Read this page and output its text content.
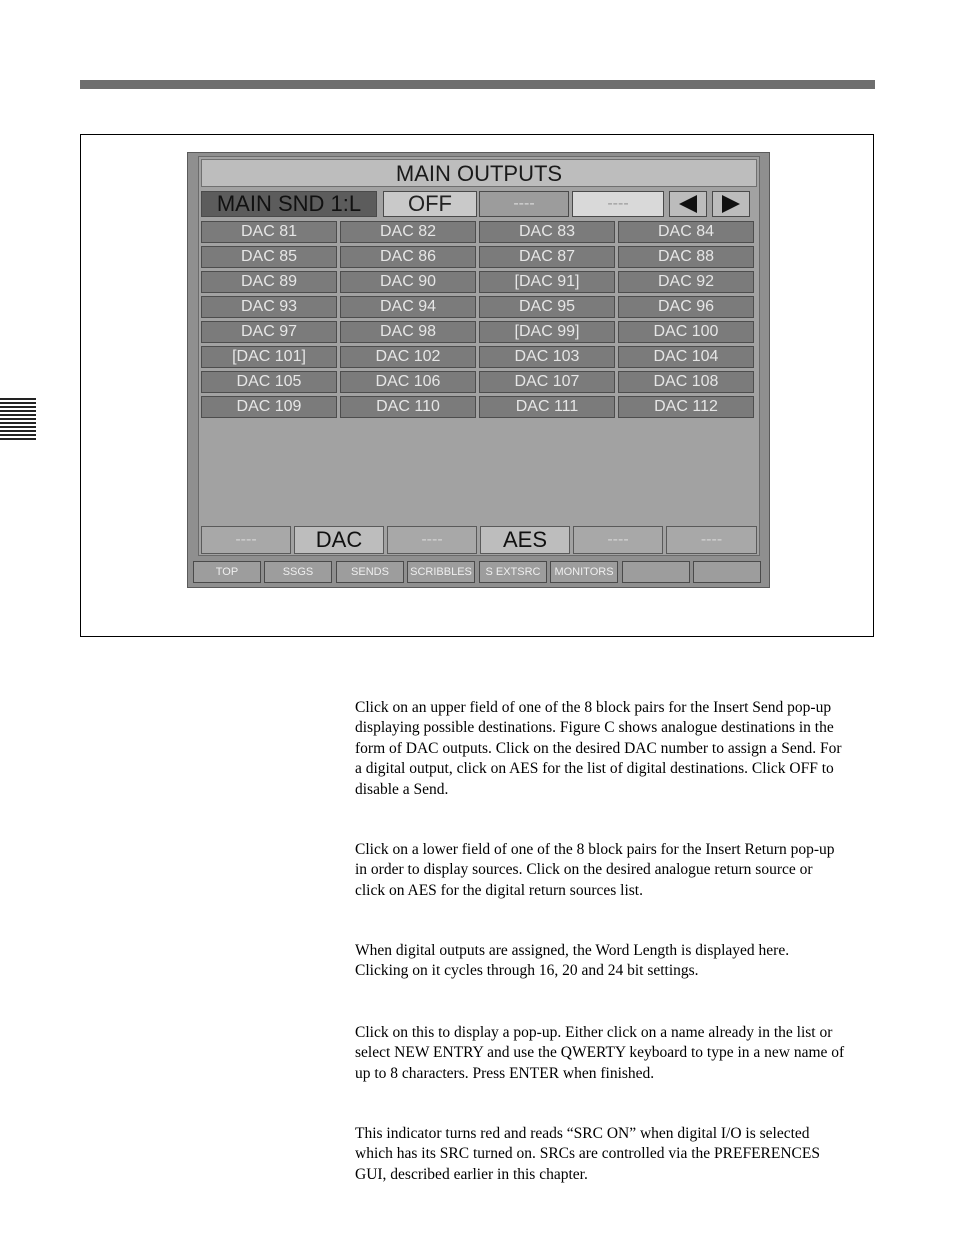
MAIN OUTPUTS
MAIN SND 1:L	OFF	----	----
DAC 81	DAC 82	DAC 83	DAC 84
DAC 85	DAC 86	DAC 87	DAC 88
DAC 89	DAC 90	[DAC 91]	DAC 92
DAC 93	DAC 94	DAC 95	DAC 96
DAC 97	DAC 98	[DAC 99]	DAC 100
[DAC 101]	DAC 102	DAC 103	DAC 104
DAC 105	DAC 106	DAC 107	DAC 108
DAC 109	DAC 110	DAC 111	DAC 112
----	DAC	----	AES	----	----
TOP	SSGS	SENDS	SCRIBBLES	S EXTSRC	MONITORS

Click on an upper field of one of the 8 block pairs for the Insert Send pop-up displaying possible destinations. Figure C shows analogue destinations in the form of DAC outputs. Click on the desired DAC number to assign a Send. For a digital output, click on AES for the list of digital destinations. Click OFF to disable a Send.

Click on a lower field of one of the 8 block pairs for the Insert Return pop-up in order to display sources. Click on the desired analogue return source or click on AES for the digital return sources list.

When digital outputs are assigned, the Word Length is displayed here. Clicking on it cycles through 16, 20 and 24 bit settings.

Click on this to display a pop-up. Either click on a name already in the list or select NEW ENTRY and use the QWERTY keyboard to type in a new name of up to 8 characters. Press ENTER when finished.

This indicator turns red and reads “SRC ON” when digital I/O is selected which has its SRC turned on. SRCs are controlled via the PREFERENCES GUI, described earlier in this chapter.
